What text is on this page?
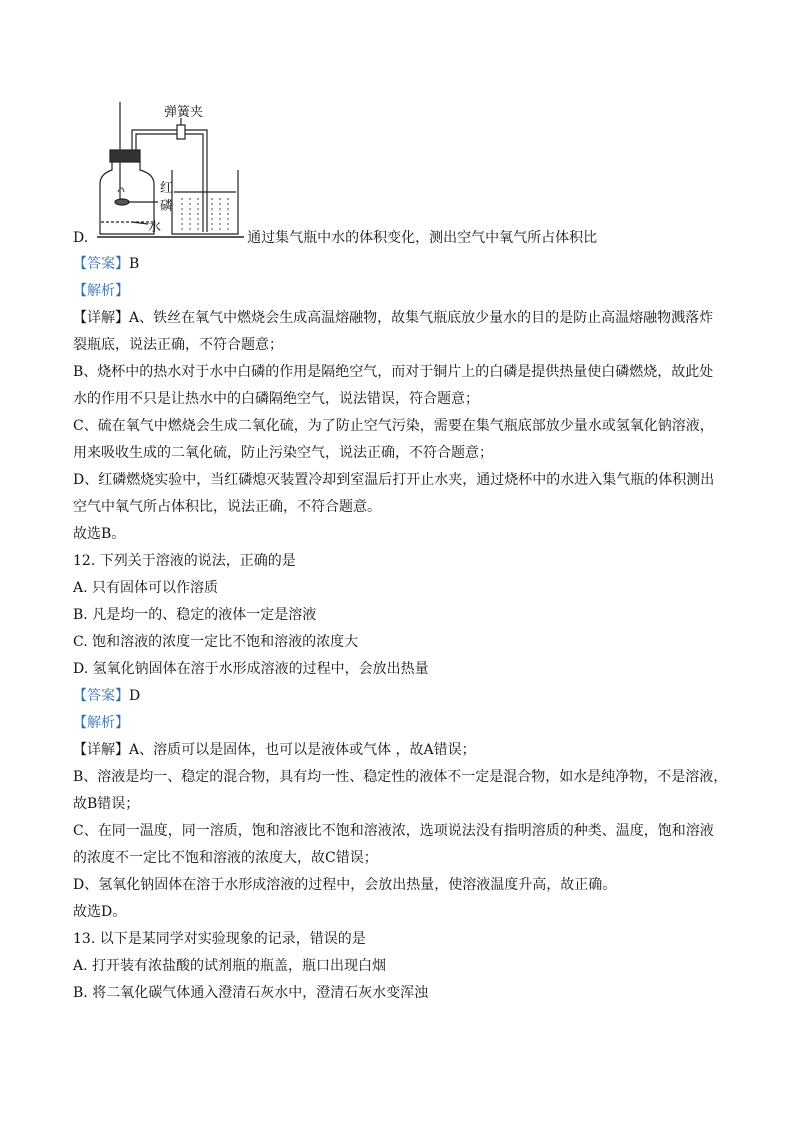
弹簧夹
红
磷
水
D.	通过集气瓶中水的体积变化，测出空气中氧气所占体积比
【答案】B
【解析】
【详解】A、铁丝在氧气中燃烧会生成高温熔融物，故集气瓶底放少量水的目的是防止高温熔融物溅落炸
裂瓶底，说法正确，不符合题意；
B、烧杯中的热水对于水中白磷的作用是隔绝空气，而对于铜片上的白磷是提供热量使白磷燃烧，故此处
水的作用不只是让热水中的白磷隔绝空气，说法错误，符合题意；
C、硫在氧气中燃烧会生成二氧化硫，为了防止空气污染，需要在集气瓶底部放少量水或氢氧化钠溶液，
用来吸收生成的二氧化硫，防止污染空气，说法正确，不符合题意；
D、红磷燃烧实验中，当红磷熄灭装置冷却到室温后打开止水夹，通过烧杯中的水进入集气瓶的体积测出
空气中氧气所占体积比，说法正确，不符合题意。
故选B。
12. 下列关于溶液的说法，正确的是
A. 只有固体可以作溶质
B. 凡是均一的、稳定的液体一定是溶液
C. 饱和溶液的浓度一定比不饱和溶液的浓度大
D. 氢氧化钠固体在溶于水形成溶液的过程中，会放出热量
【答案】D
【解析】
【详解】A、溶质可以是固体，也可以是液体或气体 ，故A错误；
B、溶液是均一、稳定的混合物，具有均一性、稳定性的液体不一定是混合物，如水是纯净物，不是溶液，
故B错误；
C、在同一温度，同一溶质，饱和溶液比不饱和溶液浓，选项说法没有指明溶质的种类、温度，饱和溶液
的浓度不一定比不饱和溶液的浓度大，故C错误；
D、氢氧化钠固体在溶于水形成溶液的过程中，会放出热量，使溶液温度升高，故正确。
故选D。
13. 以下是某同学对实验现象的记录，错误的是
A. 打开装有浓盐酸的试剂瓶的瓶盖，瓶口出现白烟
B. 将二氧化碳气体通入澄清石灰水中，澄清石灰水变浑浊
